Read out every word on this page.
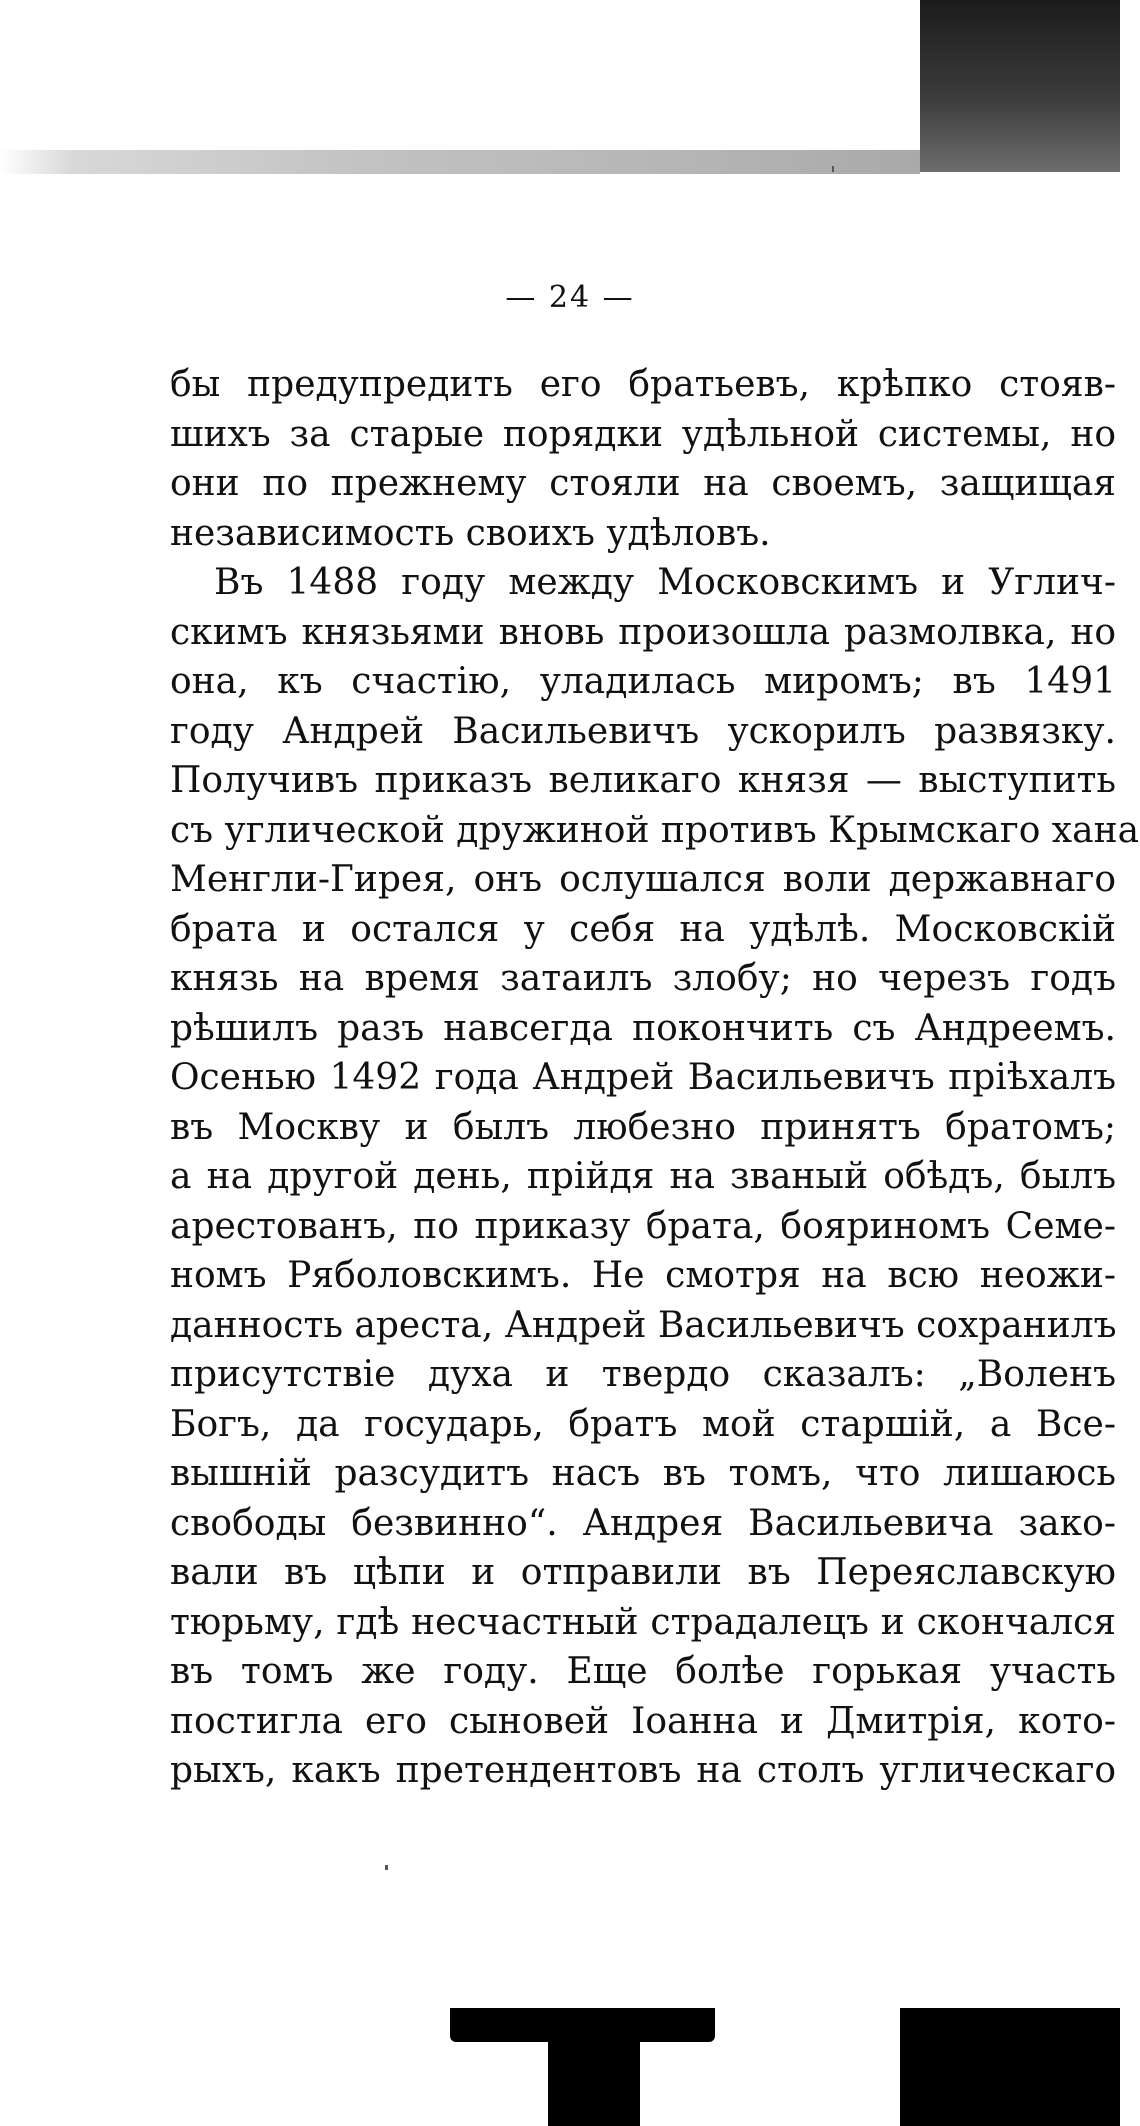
— 24 —
бы предупредить его братьевъ, крѣпко стояв-
шихъ за старые порядки удѣльной системы, но
они по прежнему стояли на своемъ, защищая
независимость своихъ удѣловъ.
Въ 1488 году между Московскимъ и Углич-
скимъ князьями вновь произошла размолвка, но
она, къ счастiю, уладилась миромъ; въ 1491
году Андрей Васильевичъ ускорилъ развязку.
Получивъ приказъ великаго князя — выступить
съ углической дружиной противъ Крымскаго хана
Менгли-Гирея, онъ ослушался воли державнаго
брата и остался у себя на удѣлѣ. Московскiй
князь на время затаилъ злобу; но черезъ годъ
рѣшилъ разъ навсегда покончить съ Андреемъ.
Осенью 1492 года Андрей Васильевичъ прiѣхалъ
въ Москву и былъ любезно принятъ братомъ;
а на другой день, прiйдя на званый обѣдъ, былъ
арестованъ, по приказу брата, бояриномъ Семе-
номъ Ряболовскимъ. Не смотря на всю неожи-
данность ареста, Андрей Васильевичъ сохранилъ
присутствiе духа и твердо сказалъ: „Воленъ
Богъ, да государь, братъ мой старшiй, а Все-
вышнiй разсудитъ насъ въ томъ, что лишаюсь
свободы безвинно“. Андрея Васильевича зако-
вали въ цѣпи и отправили въ Переяславскую
тюрьму, гдѣ несчастный страдалецъ и скончался
въ томъ же году. Еще болѣе горькая участь
постигла его сыновей Iоанна и Дмитрiя, кото-
рыхъ, какъ претендентовъ на столъ углическаго
